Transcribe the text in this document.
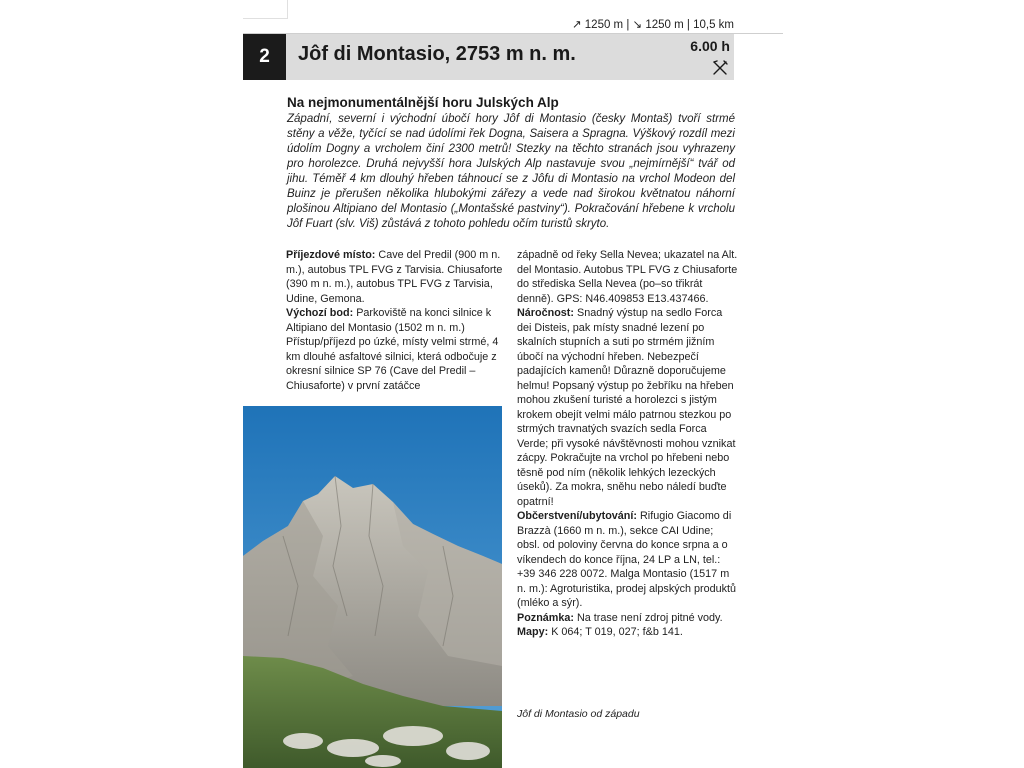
↗ 1250 m | ↘ 1250 m | 10,5 km
2	Jôf di Montasio, 2753 m n. m.	6.00 h
Na nejmonumentálnější horu Julských Alp

Západní, severní i východní úbočí hory Jôf di Montasio (česky Montaš) tvoří strmé stěny a věže, tyčící se nad údolími řek Dogna, Saisera a Spragna. Výškový rozdíl mezi údolím Dogny a vrcholem činí 2300 metrů! Stezky na těchto stranách jsou vyhrazeny pro horolezce. Druhá nejvyšší hora Julských Alp nastavuje svou „nejmírnější“ tvář od jihu. Téměř 4 km dlouhý hřeben táhnoucí se z Jôfu di Montasio na vrchol Modeon del Buinz je přerušen několika hlubokými zářezy a vede nad širokou květnatou náhorní plošinou Altipiano del Montasio („Montašské pastviny“). Pokračování hřebene k vrcholu Jôf Fuart (slv. Viš) zůstává z tohoto pohledu očím turistů skryto.

Příjezdové místo: Cave del Predil (900 m n. m.), autobus TPL FVG z Tarvisia. Chiusaforte (390 m n. m.), autobus TPL FVG z Tarvisia, Udine, Gemona.

Výchozí bod: Parkoviště na konci silnice k Altipiano del Montasio (1502 m n. m.) Přístup/příjezd po úzké, místy velmi strmé, 4 km dlouhé asfaltové silnici, která odbočuje z okresní silnice SP 76 (Cave del Predil – Chiusaforte) v první zatáčce

západně od řeky Sella Nevea; ukazatel na Alt. del Montasio. Autobus TPL FVG z Chiusaforte do střediska Sella Nevea (po–so třikrát denně). GPS: N46.409853 E13.437466.

Náročnost: Snadný výstup na sedlo Forca dei Disteis, pak místy snadné lezení po skalních stupních a suti po strmém jižním úbočí na východní hřeben. Nebezpečí padajících kamenů! Důrazně doporučujeme helmu! Popsaný výstup po žebříku na hřeben mohou zkušení turisté a horolezci s jistým krokem obejít velmi málo patrnou stezkou po strmých travnatých svazích sedla Forca Verde; při vysoké návštěvnosti mohou vznikat zácpy. Pokračujte na vrchol po hřebeni nebo těsně pod ním (několik lehkých lezeckých úseků). Za mokra, sněhu nebo náledí buďte opatrní!

Občerstvení/ubytování: Rifugio Giacomo di Brazzà (1660 m n. m.), sekce CAI Udine; obsl. od poloviny června do konce srpna a o víkendech do konce října, 24 LP a LN, tel.: +39 346 228 0072. Malga Montasio (1517 m n. m.): Agroturistika, prodej alpských produktů (mléko a sýr).

Poznámka: Na trase není zdroj pitné vody.

Mapy: K 064; T 019, 027; f&b 141.

Jôf di Montasio od západu
